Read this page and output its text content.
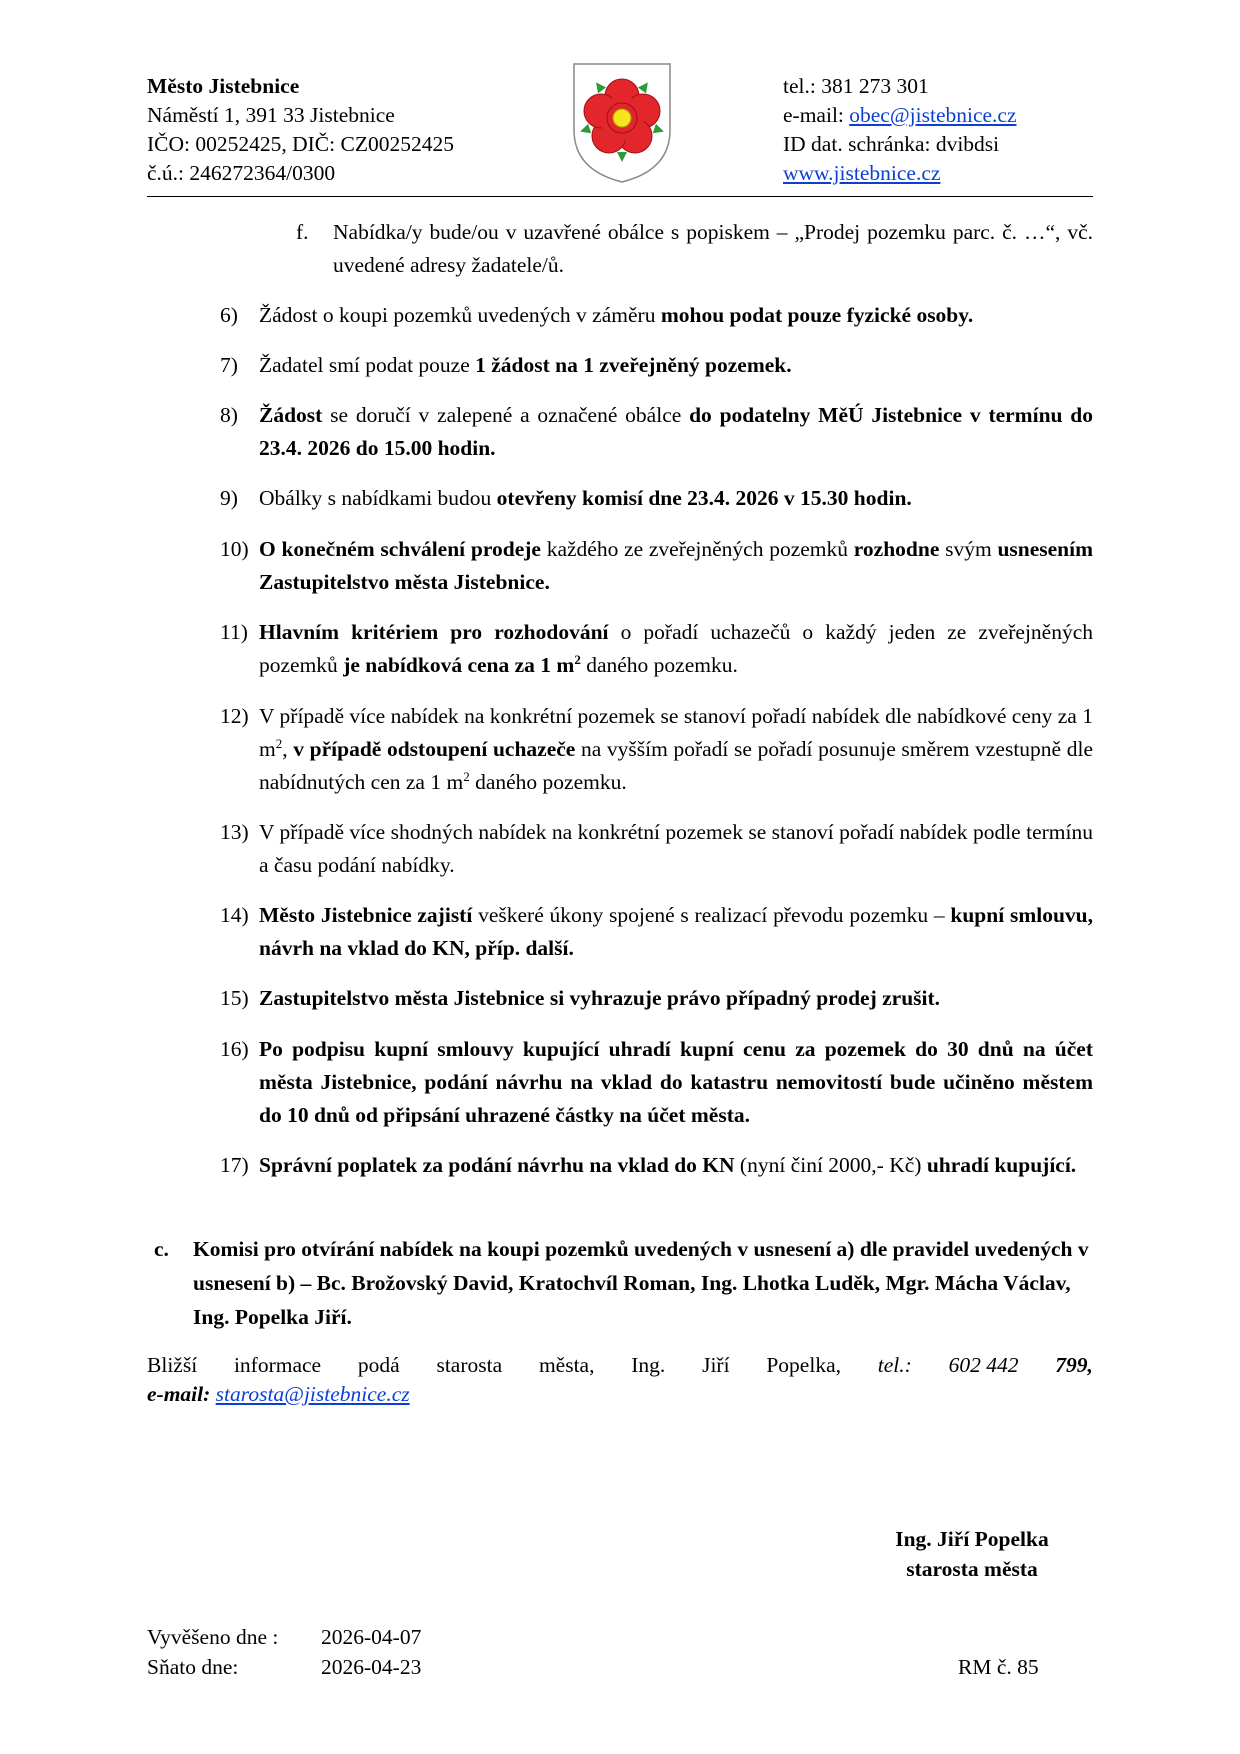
Město Jistebnice
Náměstí 1, 391 33 Jistebnice
IČO: 00252425, DIČ: CZ00252425
č.ú.: 246272364/0300
tel.: 381 273 301
e-mail: obec@jistebnice.cz
ID dat. schránka: dvibdsi
www.jistebnice.cz
f. Nabídka/y bude/ou v uzavřené obálce s popiskem – „Prodej pozemku parc. č. …“, vč. uvedené adresy žadatele/ů.
6) Žádost o koupi pozemků uvedených v záměru mohou podat pouze fyzické osoby.
7) Žadatel smí podat pouze 1 žádost na 1 zveřejněný pozemek.
8) Žádost se doručí v zalepené a označené obálce do podatelny MěÚ Jistebnice v termínu do 23.4. 2026 do 15.00 hodin.
9) Obálky s nabídkami budou otevřeny komisí dne 23.4. 2026 v 15.30 hodin.
10) O konečném schválení prodeje každého ze zveřejněných pozemků rozhodne svým usnesením Zastupitelstvo města Jistebnice.
11) Hlavním kritériem pro rozhodování o pořadí uchazečů o každý jeden ze zveřejněných pozemků je nabídková cena za 1 $m^2$ daného pozemku.
12) V případě více nabídek na konkrétní pozemek se stanoví pořadí nabídek dle nabídkové ceny za 1 $m^2$, v případě odstoupení uchazeče na vyšším pořadí se pořadí posunuje směrem vzestupně dle nabídnutých cen za 1 $m^2$ daného pozemku.
13) V případě více shodných nabídek na konkrétní pozemek se stanoví pořadí nabídek podle termínu a času podání nabídky.
14) Město Jistebnice zajistí veškeré úkony spojené s realizací převodu pozemku – kupní smlouvu, návrh na vklad do KN, příp. další.
15) Zastupitelstvo města Jistebnice si vyhrazuje právo případný prodej zrušit.
16) Po podpisu kupní smlouvy kupující uhradí kupní cenu za pozemek do 30 dnů na účet města Jistebnice, podání návrhu na vklad do katastru nemovitostí bude učiněno městem do 10 dnů od připsání uhrazené částky na účet města.
17) Správní poplatek za podání návrhu na vklad do KN (nyní činí 2000,- Kč) uhradí kupující.
c. Komisi pro otvírání nabídek na koupi pozemků uvedených v usnesení a) dle pravidel uvedených v usnesení b) – Bc. Brožovský David, Kratochvíl Roman, Ing. Lhotka Luděk, Mgr. Mácha Václav, Ing. Popelka Jiří.
Bližší informace podá starosta města, Ing. Jiří Popelka, tel.: 602 442 799,
e-mail: starosta@jistebnice.cz
Ing. Jiří Popelka
starosta města
Vyvěšeno dne :	2026-04-07
Sňato dne:	2026-04-23	RM č. 85
